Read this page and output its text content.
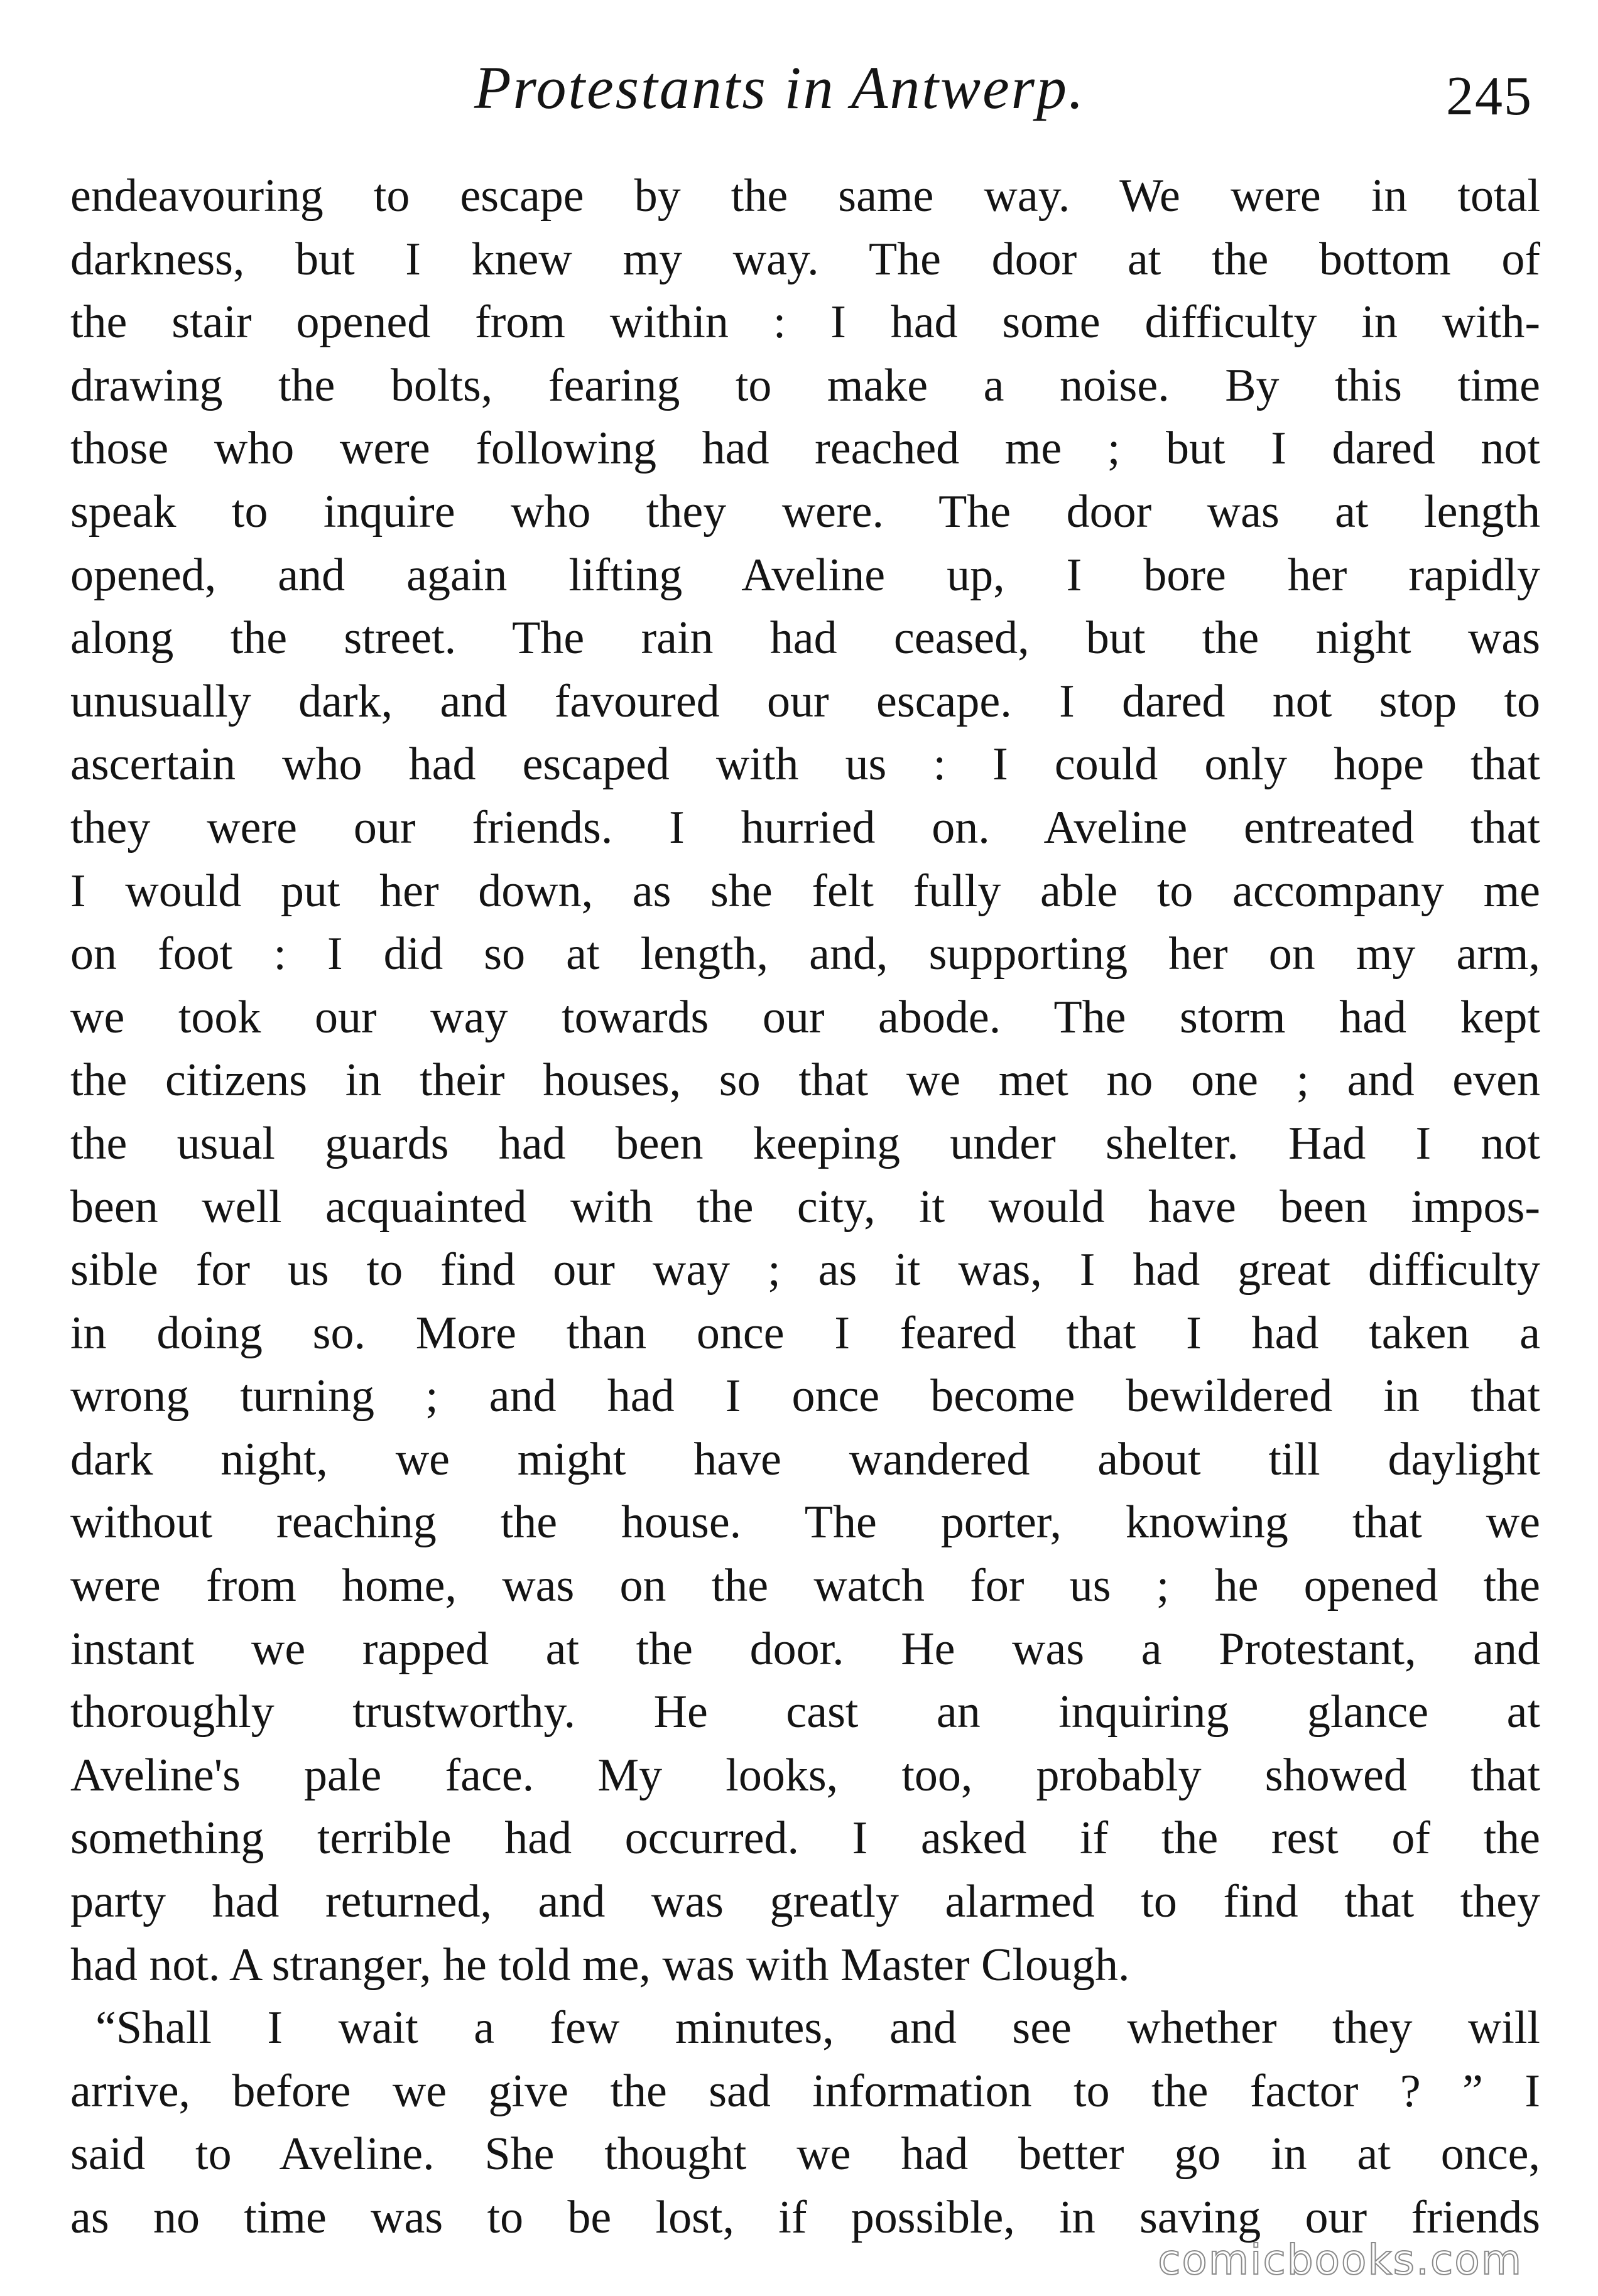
Protestants in Antwerp.	245
endeavouring to escape by the same way. We were in total
darkness, but I knew my way. The door at the bottom of
the stair opened from within : I had some difficulty in with-
drawing the bolts, fearing to make a noise. By this time
those who were following had reached me ; but I dared not
speak to inquire who they were. The door was at length
opened, and again lifting Aveline up, I bore her rapidly
along the street. The rain had ceased, but the night was
unusually dark, and favoured our escape. I dared not stop to
ascertain who had escaped with us : I could only hope that
they were our friends. I hurried on. Aveline entreated that
I would put her down, as she felt fully able to accompany me
on foot : I did so at length, and, supporting her on my arm,
we took our way towards our abode. The storm had kept
the citizens in their houses, so that we met no one ; and even
the usual guards had been keeping under shelter. Had I not
been well acquainted with the city, it would have been impos-
sible for us to find our way ; as it was, I had great difficulty
in doing so. More than once I feared that I had taken a
wrong turning ; and had I once become bewildered in that
dark night, we might have wandered about till daylight
without reaching the house. The porter, knowing that we
were from home, was on the watch for us ; he opened the
instant we rapped at the door. He was a Protestant, and
thoroughly trustworthy. He cast an inquiring glance at
Aveline's pale face. My looks, too, probably showed that
something terrible had occurred. I asked if the rest of the
party had returned, and was greatly alarmed to find that they
had not. A stranger, he told me, was with Master Clough.
“Shall I wait a few minutes, and see whether they will
arrive, before we give the sad information to the factor ? ” I
said to Aveline. She thought we had better go in at once,
as no time was to be lost, if possible, in saving our friends
comicbooks.com
